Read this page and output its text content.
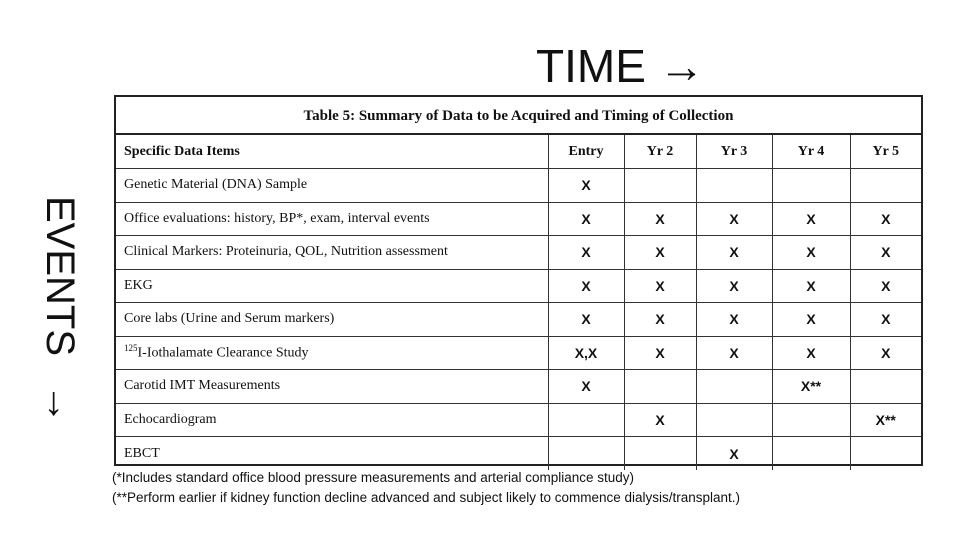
TIME →
EVENTS→
Table 5: Summary of Data to be Acquired and Timing of Collection
Specific Data Items	Entry	Yr 2	Yr 3	Yr 4	Yr 5
Genetic Material (DNA) Sample	X				
Office evaluations: history, BP*, exam, interval events	X	X	X	X	X
Clinical Markers: Proteinuria, QOL, Nutrition assessment	X	X	X	X	X
EKG	X	X	X	X	X
Core labs (Urine and Serum markers)	X	X	X	X	X
$^{125}$I-Iothalamate Clearance Study	X,X	X	X	X	X
Carotid IMT Measurements	X			X**	
Echocardiogram		X			X**
EBCT			X		
(*Includes standard office blood pressure measurements and arterial compliance study)
(**Perform earlier if kidney function decline advanced and subject likely to commence dialysis/transplant.)
